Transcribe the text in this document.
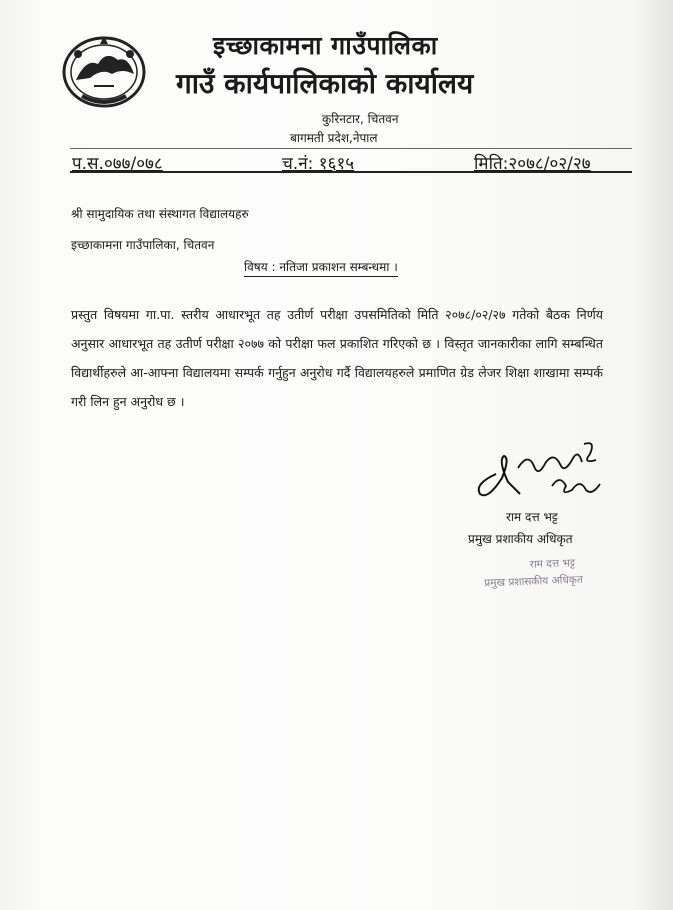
इच्छाकामना गाउँपालिका
गाउँ कार्यपालिकाको कार्यालय
कुरिनटार, चितवन
बागमती प्रदेश,नेपाल
प.स.०७७/०७८	च.नं: १६१५	मिति:२०७८/०२/२७
श्री सामुदायिक तथा संस्थागत विद्यालयहरु
इच्छाकामना गाउँपालिका, चितवन
विषय : नतिजा प्रकाशन सम्बन्धमा ।
प्रस्तुत विषयमा गा.पा. स्तरीय आधारभूत तह उतीर्ण परीक्षा उपसमितिको मिति २०७८/०२/२७ गतेको बैठक निर्णय अनुसार आधारभूत तह उतीर्ण परीक्षा २०७७ को परीक्षा फल प्रकाशित गरिएको छ । विस्तृत जानकारीका लागि सम्बन्धित विद्यार्थीहरुले आ-आफ्ना विद्यालयमा सम्पर्क गर्नुहुन अनुरोध गर्दै विद्यालयहरुले प्रमाणित ग्रेड लेजर शिक्षा शाखामा सम्पर्क गरी लिन हुन अनुरोध छ ।
राम दत्त भट्ट
प्रमुख प्रशाकीय अधिकृत
राम दत्त भट्ट
प्रमुख प्रशासकीय अधिकृत
